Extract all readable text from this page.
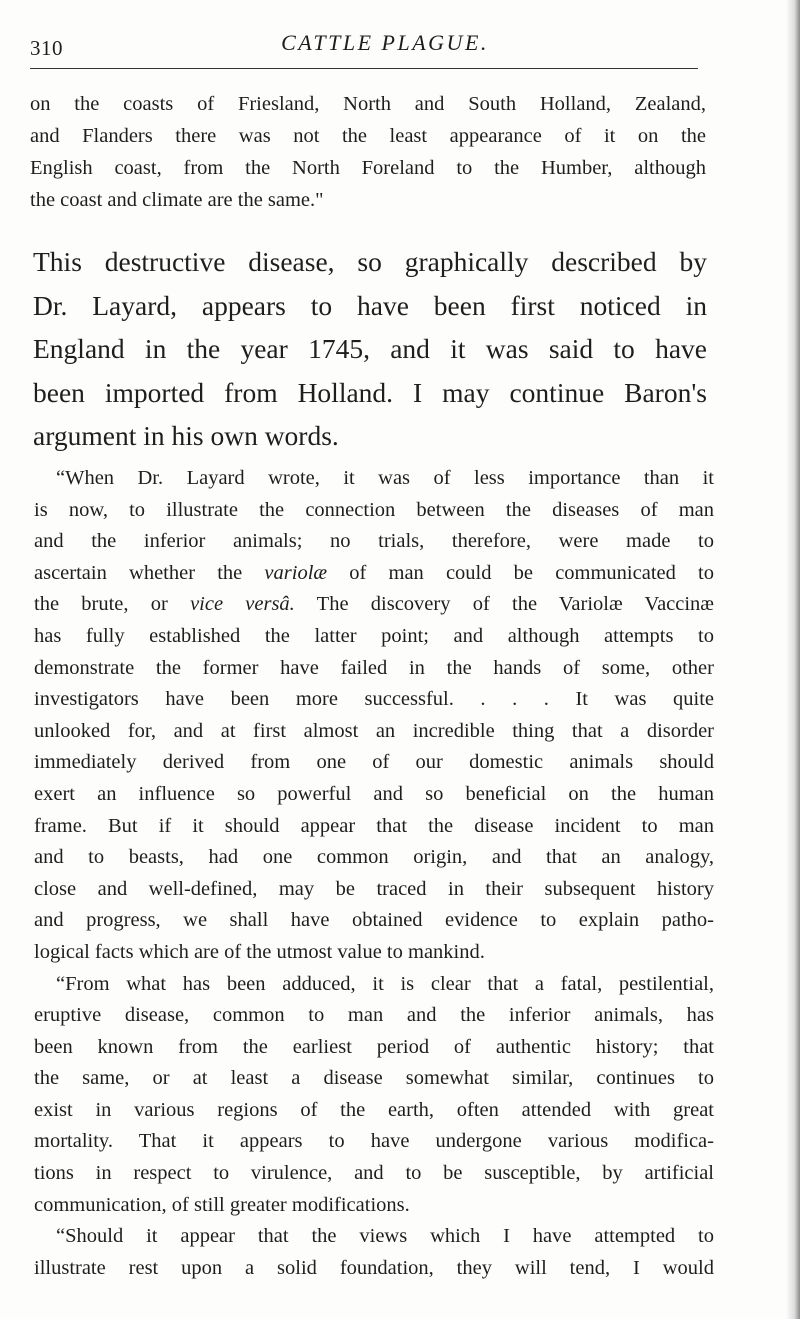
310	CATTLE PLAGUE.
on the coasts of Friesland, North and South Holland, Zealand,
and Flanders there was not the least appearance of it on the
English coast, from the North Foreland to the Humber, although
the coast and climate are the same."
This destructive disease, so graphically described by
Dr. Layard, appears to have been first noticed in
England in the year 1745, and it was said to have
been imported from Holland. I may continue Baron's
argument in his own words.
“When Dr. Layard wrote, it was of less importance than it
is now, to illustrate the connection between the diseases of man
and the inferior animals; no trials, therefore, were made to
ascertain whether the variolæ of man could be communicated to
the brute, or vice versâ. The discovery of the Variolæ Vaccinæ
has fully established the latter point; and although attempts to
demonstrate the former have failed in the hands of some, other
investigators have been more successful. . . . It was quite
unlooked for, and at first almost an incredible thing that a disorder
immediately derived from one of our domestic animals should
exert an influence so powerful and so beneficial on the human
frame. But if it should appear that the disease incident to man
and to beasts, had one common origin, and that an analogy,
close and well-defined, may be traced in their subsequent history
and progress, we shall have obtained evidence to explain patho-
logical facts which are of the utmost value to mankind.
“From what has been adduced, it is clear that a fatal, pestilential,
eruptive disease, common to man and the inferior animals, has
been known from the earliest period of authentic history; that
the same, or at least a disease somewhat similar, continues to
exist in various regions of the earth, often attended with great
mortality. That it appears to have undergone various modifica-
tions in respect to virulence, and to be susceptible, by artificial
communication, of still greater modifications.
“Should it appear that the views which I have attempted to
illustrate rest upon a solid foundation, they will tend, I would
